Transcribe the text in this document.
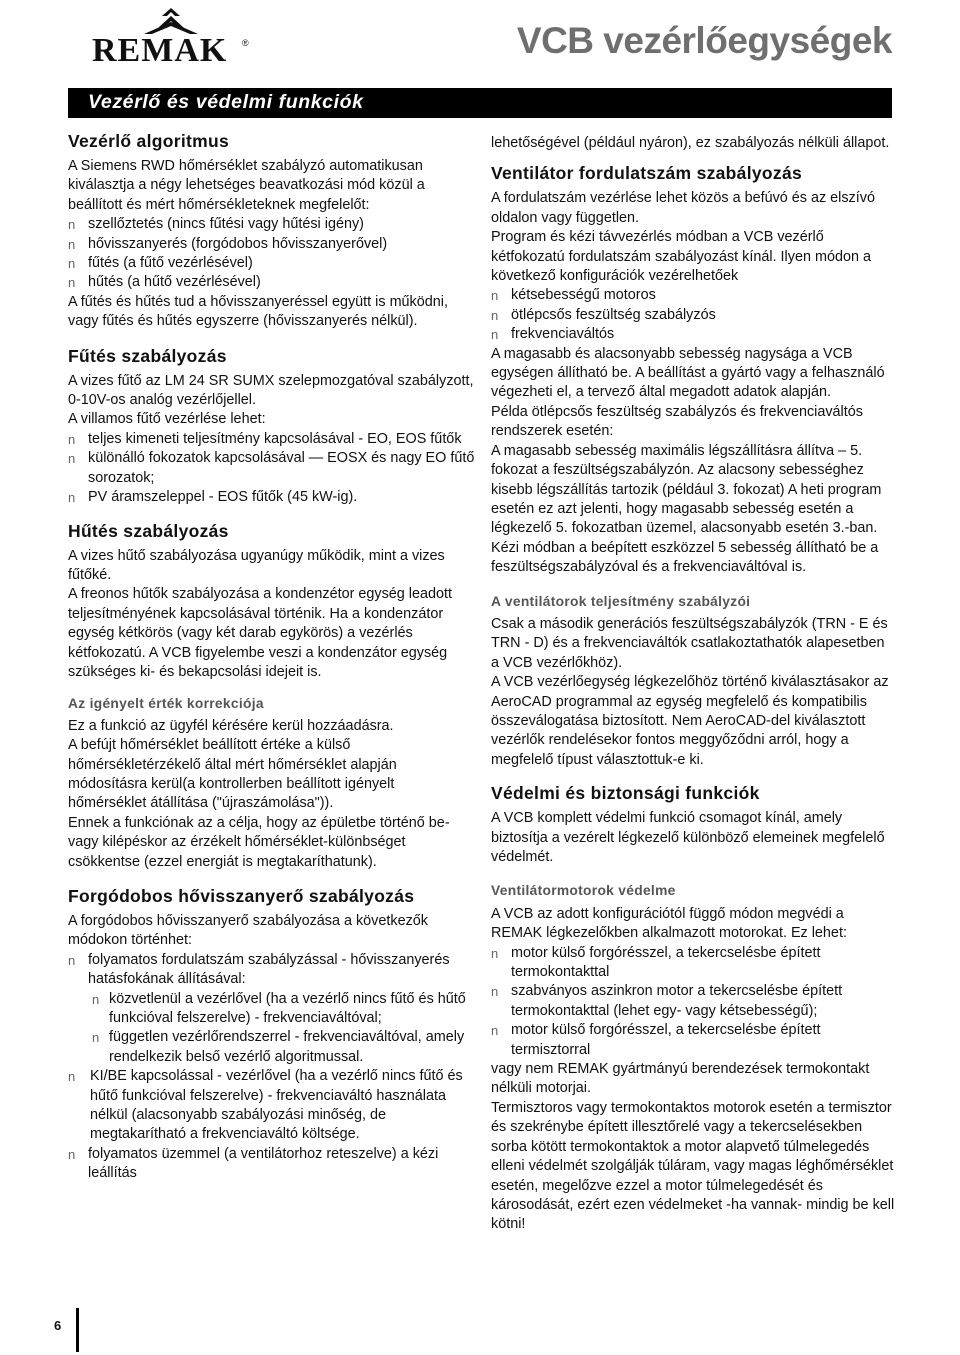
REMAK ®	VCB vezérlőegységek
Vezérlő és védelmi funkciók

Vezérlő algoritmus

A Siemens RWD hőmérséklet szabályzó automatikusan kiválasztja a négy lehetséges beavatkozási mód közül a beállított és mért hőmérsékleteknek megfelelőt:

n szellőztetés (nincs fűtési vagy hűtési igény)

n hővisszanyerés (forgódobos hővisszanyerővel)

n fűtés (a fűtő vezérlésével)

n hűtés (a hűtő vezérlésével)

A fűtés és hűtés tud a hővisszanyeréssel együtt is működni, vagy fűtés és hűtés egyszerre (hővisszanyerés nélkül).

Fűtés szabályozás

A vizes fűtő az LM 24 SR SUMX szelepmozgatóval szabályzott, 0-10V-os analóg vezérlőjellel.

A villamos fűtő vezérlése lehet:

n teljes kimeneti teljesítmény kapcsolásával - EO, EOS fűtők

n különálló fokozatok kapcsolásával — EOSX és nagy EO fűtő sorozatok;

n PV áramszeleppel - EOS fűtők (45 kW-ig).

Hűtés szabályozás

A vizes hűtő szabályozása ugyanúgy működik, mint a vizes fűtőké.

A freonos hűtők szabályozása a kondenzétor egység leadott teljesítményének kapcsolásával történik. Ha a kondenzátor egység kétkörös (vagy két darab egykörös) a vezérlés kétfokozatú. A VCB figyelembe veszi a kondenzátor egység szükséges ki- és bekapcsolási idejeit is.

Az igényelt érték korrekciója

Ez a funkció az ügyfél kérésére kerül hozzáadásra.

A befújt hőmérséklet beállított értéke a külső hőmérsékletérzékelő által mért hőmérséklet alapján módosításra kerül(a kontrollerben beállított igényelt hőmérséklet átállítása ("újraszámolása")).

Ennek a funkciónak az a célja, hogy az épületbe történő be- vagy kilépéskor az érzékelt hőmérséklet-különbséget csökkentse (ezzel energiát is megtakaríthatunk).

Forgódobos hővisszanyerő szabályozás

A forgódobos hővisszanyerő szabályozása a következők módokon történhet:

n folyamatos fordulatszám szabályzással - hővisszanyerés hatásfokának állításával:

n közvetlenül a vezérlővel (ha a vezérlő nincs fűtő és hűtő funkcióval felszerelve) - frekvenciaváltóval;

n független vezérlőrendszerrel - frekvenciaváltóval, amely rendelkezik belső vezérlő algoritmussal.

n KI/BE kapcsolással - vezérlővel (ha a vezérlő nincs fűtő és hűtő funkcióval felszerelve) - frekvenciaváltó használata nélkül (alacsonyabb szabályozási minőség, de megtakarítható a frekvenciaváltó költsége.

n folyamatos üzemmel (a ventilátorhoz reteszelve) a kézi leállítás

lehetőségével (például nyáron), ez szabályozás nélküli állapot.

Ventilátor fordulatszám szabályozás

A fordulatszám vezérlése lehet közös a befúvó és az elszívó oldalon vagy független.

Program és kézi távvezérlés módban a VCB vezérlő kétfokozatú fordulatszám szabályozást kínál. Ilyen módon a következő konfigurációk vezérelhetőek

n kétsebességű motoros

n ötlépcsős feszültség szabályzós

n frekvenciaváltós

A magasabb és alacsonyabb sebesség nagysága a VCB egységen állítható be. A beállítást a gyártó vagy a felhasználó végezheti el, a tervező által megadott adatok alapján.

Példa ötlépcsős feszültség szabályzós és frekvenciaváltós rendszerek esetén:

A magasabb sebesség maximális légszállításra állítva – 5. fokozat a feszültségszabályzón. Az alacsony sebességhez kisebb légszállítás tartozik (például 3. fokozat) A heti program esetén ez azt jelenti, hogy magasabb sebesség esetén a légkezelő 5. fokozatban üzemel, alacsonyabb esetén 3.-ban. Kézi módban a beépített eszközzel 5 sebesség állítható be a feszültségszabályzóval és a frekvenciaváltóval is.

A ventilátorok teljesítmény szabályzói

Csak a második generációs feszültségszabályzók (TRN - E és TRN - D) és a frekvenciaváltók csatlakoztathatók alapesetben a VCB vezérlőkhöz).

A VCB vezérlőegység légkezelőhöz történő kiválasztásakor az AeroCAD programmal az egység megfelelő és kompatibilis összeválogatása biztosított. Nem AeroCAD-del kiválasztott vezérlők rendelésekor fontos meggyőződni arról, hogy a megfelelő típust választottuk-e ki.

Védelmi és biztonsági funkciók

A VCB komplett védelmi funkció csomagot kínál, amely biztosítja a vezérelt légkezelő különböző elemeinek megfelelő védelmét.

Ventilátormotorok védelme

A VCB az adott konfigurációtól függő módon megvédi a REMAK légkezelőkben alkalmazott motorokat. Ez lehet:

n motor külső forgórésszel, a tekercselésbe épített termokontakttal

n szabványos aszinkron motor a tekercselésbe épített termokontakttal (lehet egy- vagy kétsebességű);

n motor külső forgórésszel, a tekercselésbe épített termisztorral

vagy nem REMAK gyártmányú berendezések termokontakt nélküli motorjai.

Termisztoros vagy termokontaktos motorok esetén a termisztor és szekrénybe épített illesztőrelé vagy a tekercselésekben sorba kötött termokontaktok a motor alapvető túlmelegedés elleni védelmét szolgálják túláram, vagy magas léghőmérséklet esetén, megelőzve ezzel a motor túlmelegedését és károsodását, ezért ezen védelmeket -ha vannak- mindig be kell kötni!

6
